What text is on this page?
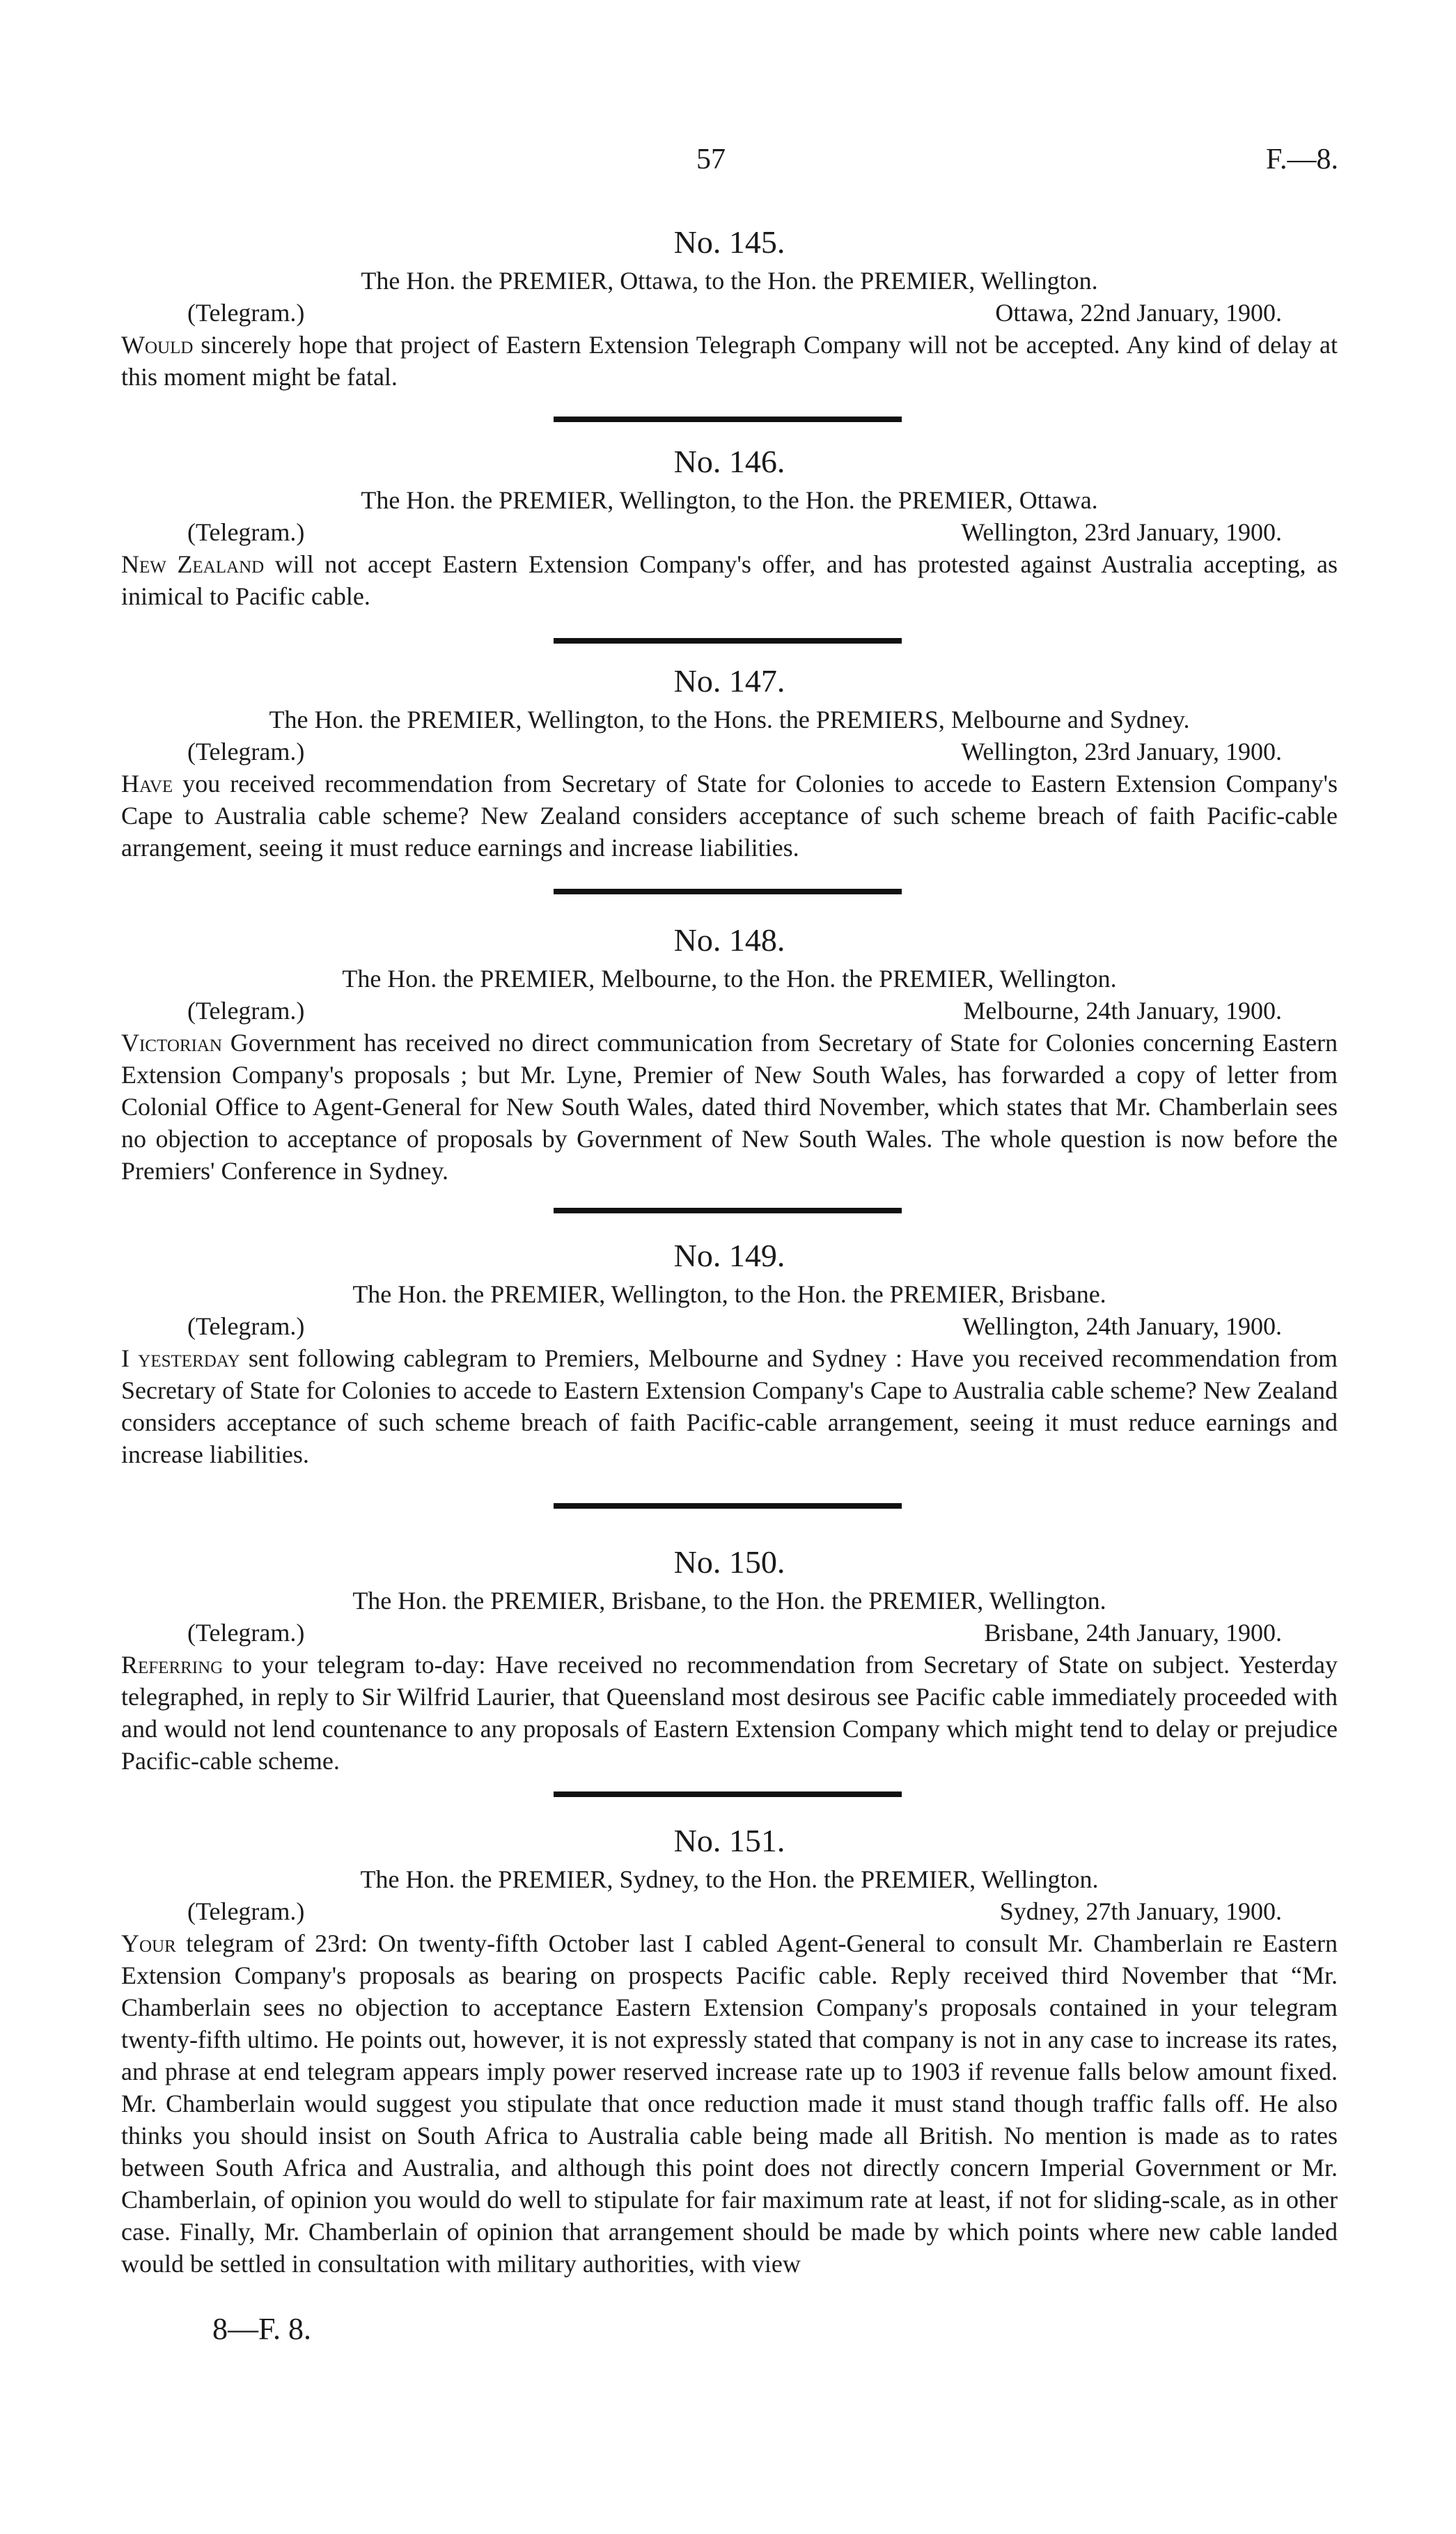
57	F.—8.
No. 145.
The Hon. the PREMIER, Ottawa, to the Hon. the PREMIER, Wellington.
(Telegram.)	Ottawa, 22nd January, 1900.
Would sincerely hope that project of Eastern Extension Telegraph Company will not be accepted. Any kind of delay at this moment might be fatal.
No. 146.
The Hon. the PREMIER, Wellington, to the Hon. the PREMIER, Ottawa.
(Telegram.)	Wellington, 23rd January, 1900.
New Zealand will not accept Eastern Extension Company's offer, and has protested against Australia accepting, as inimical to Pacific cable.
No. 147.
The Hon. the PREMIER, Wellington, to the Hons. the PREMIERS, Melbourne and Sydney.
(Telegram.)	Wellington, 23rd January, 1900.
Have you received recommendation from Secretary of State for Colonies to accede to Eastern Extension Company's Cape to Australia cable scheme? New Zealand considers acceptance of such scheme breach of faith Pacific-cable arrangement, seeing it must reduce earnings and increase liabilities.
No. 148.
The Hon. the PREMIER, Melbourne, to the Hon. the PREMIER, Wellington.
(Telegram.)	Melbourne, 24th January, 1900.
Victorian Government has received no direct communication from Secretary of State for Colonies concerning Eastern Extension Company's proposals ; but Mr. Lyne, Premier of New South Wales, has forwarded a copy of letter from Colonial Office to Agent-General for New South Wales, dated third November, which states that Mr. Chamberlain sees no objection to acceptance of proposals by Government of New South Wales. The whole question is now before the Premiers' Conference in Sydney.
No. 149.
The Hon. the PREMIER, Wellington, to the Hon. the PREMIER, Brisbane.
(Telegram.)	Wellington, 24th January, 1900.
I yesterday sent following cablegram to Premiers, Melbourne and Sydney : Have you received recommendation from Secretary of State for Colonies to accede to Eastern Extension Company's Cape to Australia cable scheme? New Zealand considers acceptance of such scheme breach of faith Pacific-cable arrangement, seeing it must reduce earnings and increase liabilities.
No. 150.
The Hon. the PREMIER, Brisbane, to the Hon. the PREMIER, Wellington.
(Telegram.)	Brisbane, 24th January, 1900.
Referring to your telegram to-day: Have received no recommendation from Secretary of State on subject. Yesterday telegraphed, in reply to Sir Wilfrid Laurier, that Queensland most desirous see Pacific cable immediately proceeded with and would not lend countenance to any proposals of Eastern Extension Company which might tend to delay or prejudice Pacific-cable scheme.
No. 151.
The Hon. the PREMIER, Sydney, to the Hon. the PREMIER, Wellington.
(Telegram.)	Sydney, 27th January, 1900.
Your telegram of 23rd: On twenty-fifth October last I cabled Agent-General to consult Mr. Chamberlain re Eastern Extension Company's proposals as bearing on prospects Pacific cable. Reply received third November that “Mr. Chamberlain sees no objection to acceptance Eastern Extension Company's proposals contained in your telegram twenty-fifth ultimo. He points out, however, it is not expressly stated that company is not in any case to increase its rates, and phrase at end telegram appears imply power reserved increase rate up to 1903 if revenue falls below amount fixed. Mr. Chamberlain would suggest you stipulate that once reduction made it must stand though traffic falls off. He also thinks you should insist on South Africa to Australia cable being made all British. No mention is made as to rates between South Africa and Australia, and although this point does not directly concern Imperial Government or Mr. Chamberlain, of opinion you would do well to stipulate for fair maximum rate at least, if not for sliding-scale, as in other case. Finally, Mr. Chamberlain of opinion that arrangement should be made by which points where new cable landed would be settled in consultation with military authorities, with view
8—F. 8.
